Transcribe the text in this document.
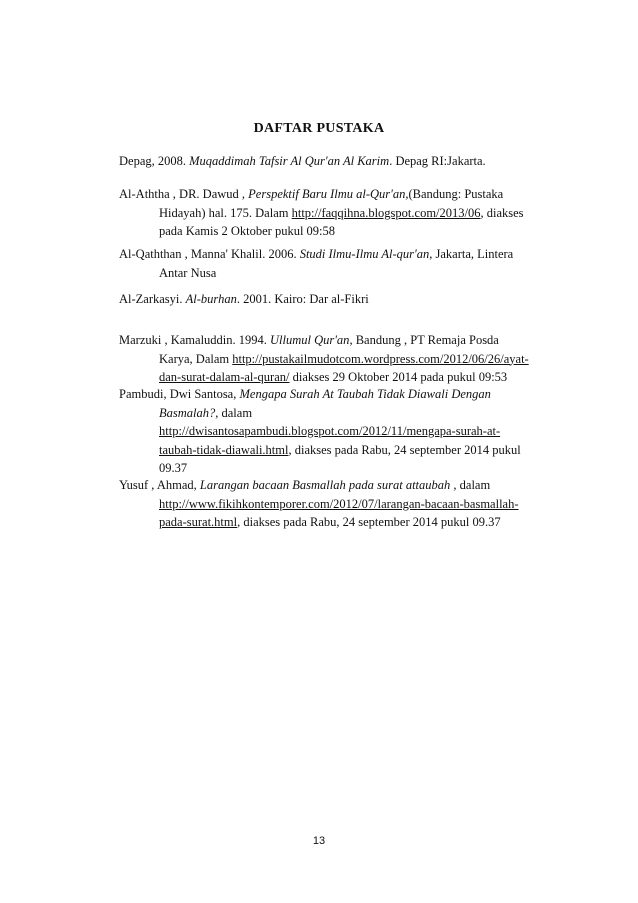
DAFTAR PUSTAKA
Depag, 2008. Muqaddimah Tafsir Al Qur'an Al Karim. Depag RI:Jakarta.
Al-Aththa , DR. Dawud , Perspektif Baru Ilmu al-Qur'an,(Bandung: Pustaka
Hidayah) hal. 175. Dalam http://faqqihna.blogspot.com/2013/06, diakses
pada Kamis 2 Oktober pukul 09:58
Al-Qaththan , Manna' Khalil. 2006. Studi Ilmu-Ilmu Al-qur'an, Jakarta, Lintera
Antar Nusa
Al-Zarkasyi. Al-burhan. 2001. Kairo: Dar al-Fikri
Marzuki , Kamaluddin. 1994. Ullumul Qur'an, Bandung , PT Remaja Posda
Karya, Dalam http://pustakailmudotcom.wordpress.com/2012/06/26/ayat-
dan-surat-dalam-al-quran/ diakses 29 Oktober 2014 pada pukul 09:53
Pambudi, Dwi Santosa, Mengapa Surah At Taubah Tidak Diawali Dengan
Basmalah?, dalam
http://dwisantosapambudi.blogspot.com/2012/11/mengapa-surah-at-
taubah-tidak-diawali.html, diakses pada Rabu, 24 september 2014 pukul
09.37
Yusuf , Ahmad, Larangan bacaan Basmallah pada surat attaubah , dalam
http://www.fikihkontemporer.com/2012/07/larangan-bacaan-basmallah-
pada-surat.html, diakses pada Rabu, 24 september 2014 pukul 09.37
13
